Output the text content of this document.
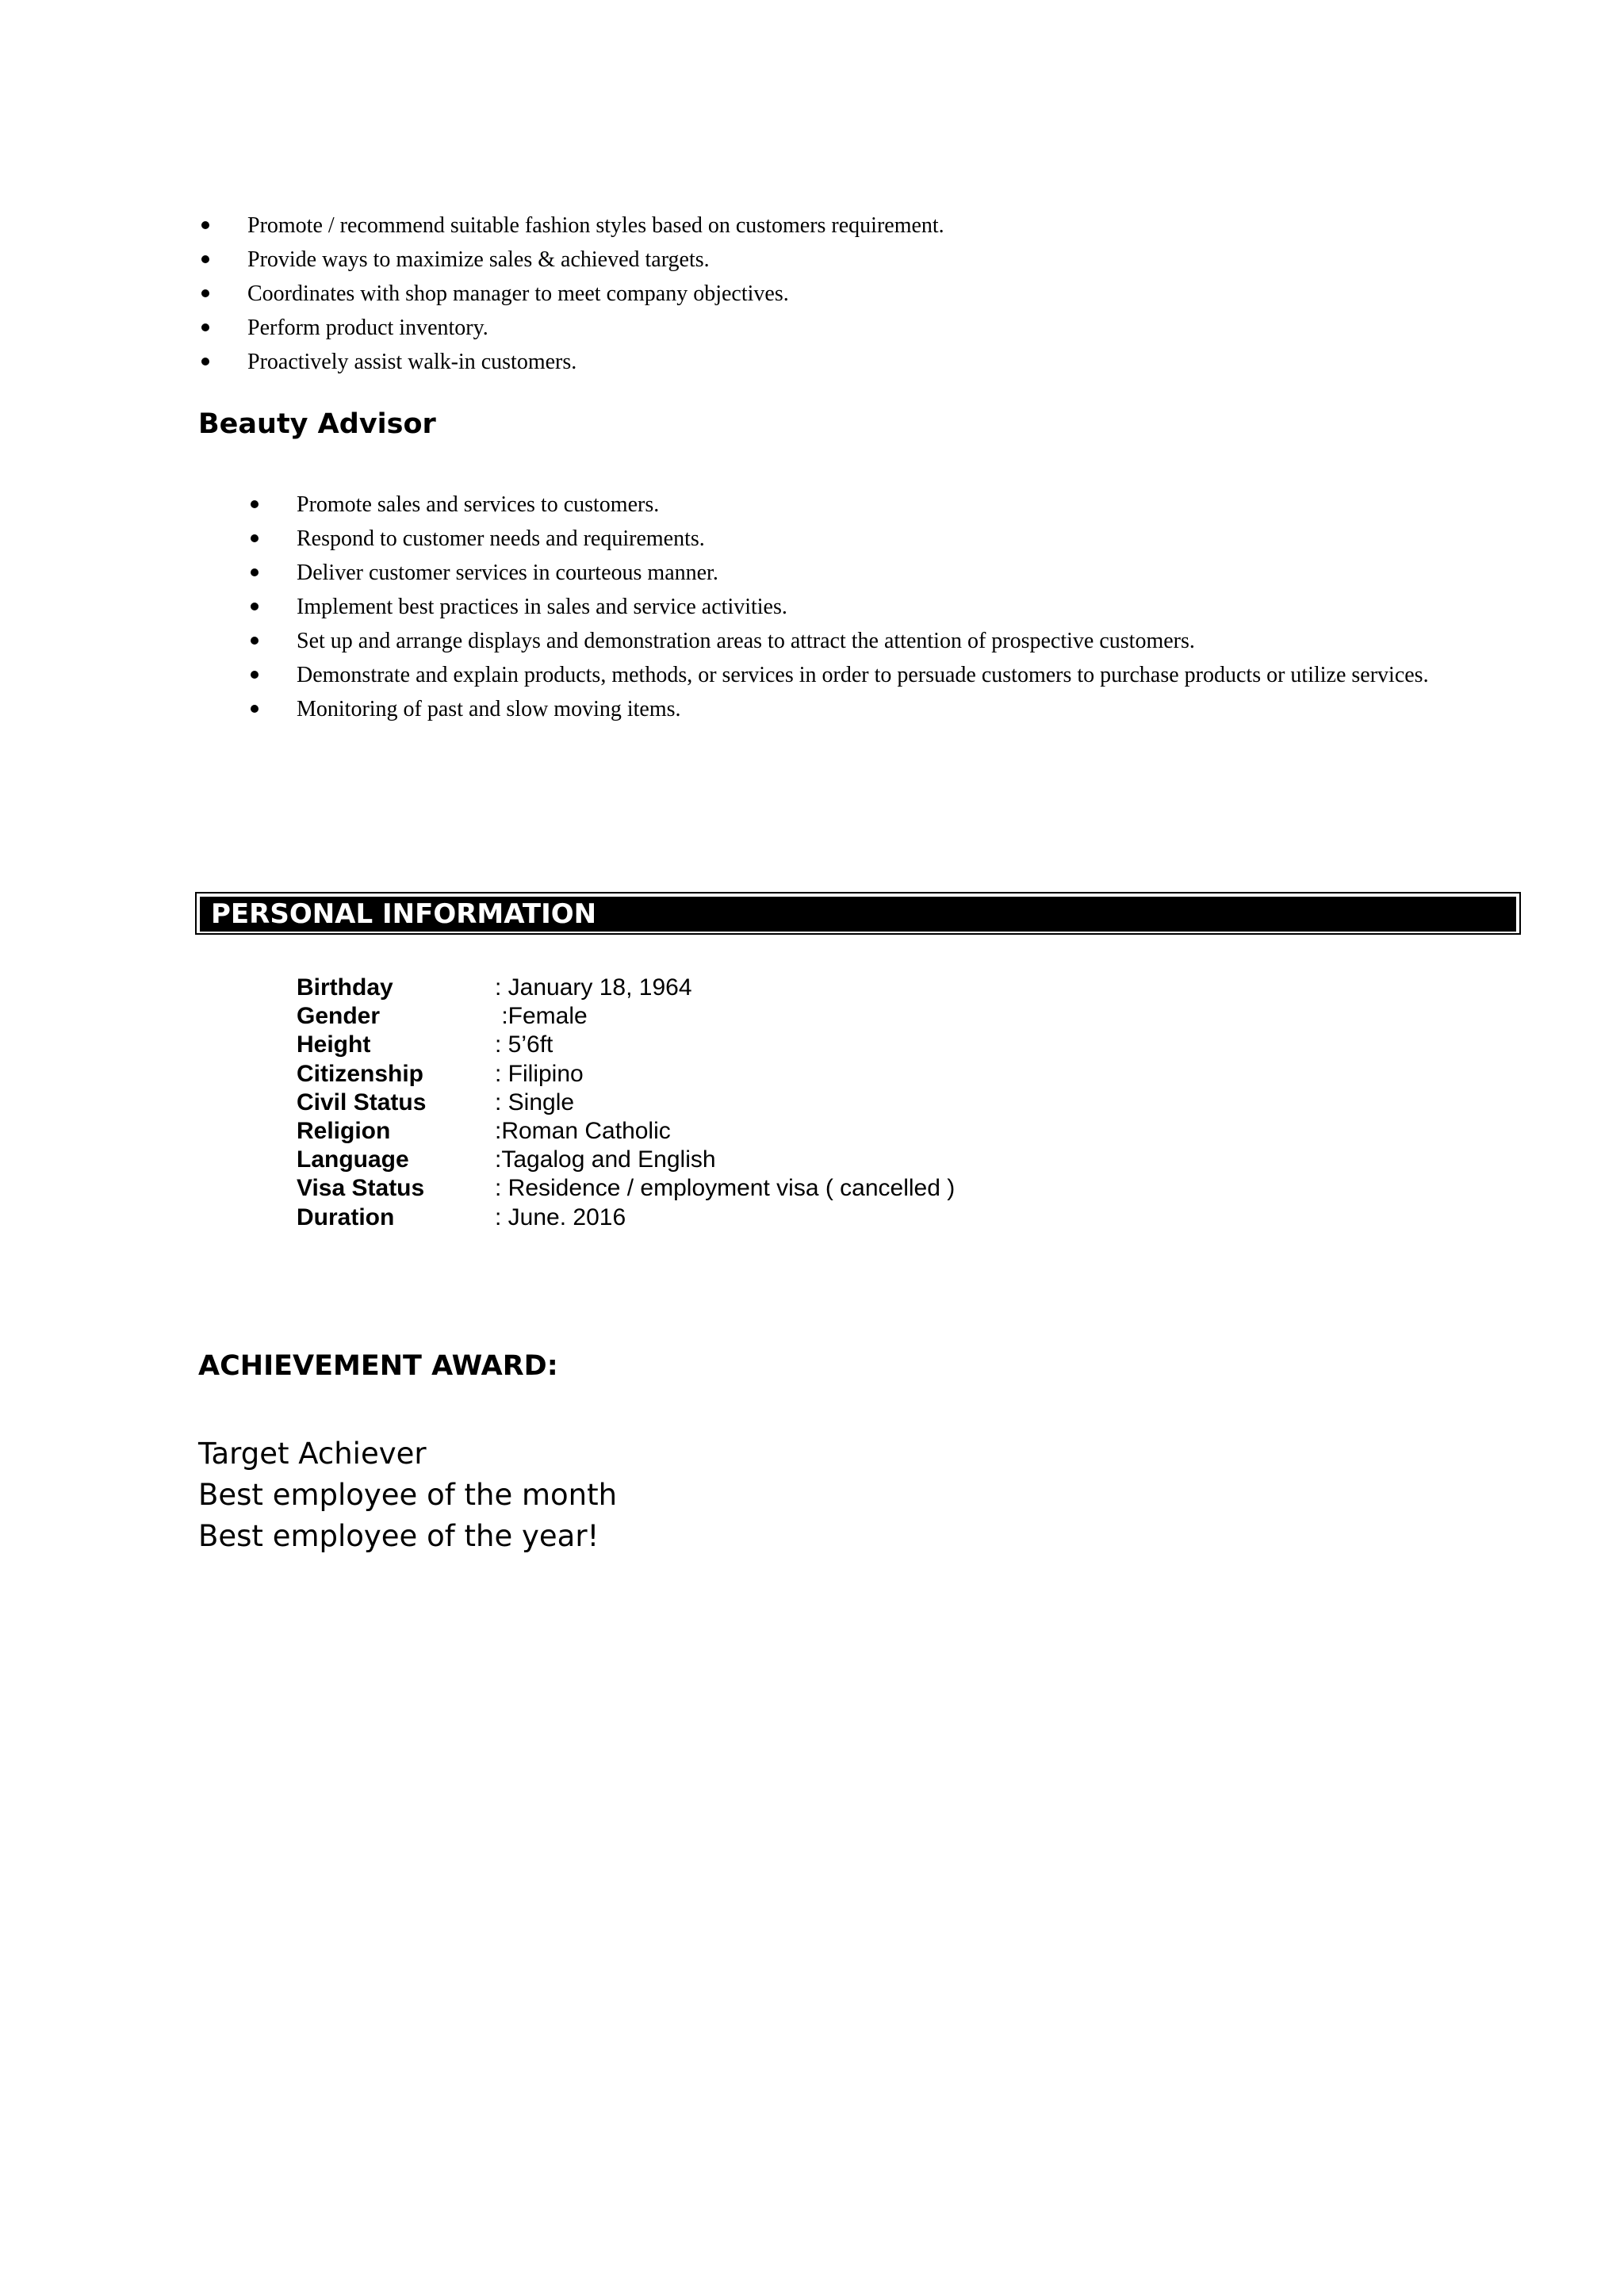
Promote / recommend suitable fashion styles based on customers requirement.
Provide ways to maximize sales & achieved targets.
Coordinates with shop manager to meet company objectives.
Perform product inventory.
Proactively assist walk-in customers.
Beauty Advisor
Promote sales and services to customers.
Respond to customer needs and requirements.
Deliver customer services in courteous manner.
Implement best practices in sales and service activities.
Set up and arrange displays and demonstration areas to attract the attention of prospective customers.
Demonstrate and explain products, methods, or services in order to persuade customers to purchase products or utilize services.
Monitoring of past and slow moving items.
PERSONAL INFORMATION
Birthday	: January 18, 1964
Gender	:Female
Height	: 5’6ft
Citizenship	: Filipino
Civil Status	: Single
Religion	:Roman Catholic
Language	:Tagalog and English
Visa Status	: Residence / employment visa ( cancelled )
Duration	: June. 2016
ACHIEVEMENT AWARD:
Target Achiever
Best employee of the month
Best employee of the year!
